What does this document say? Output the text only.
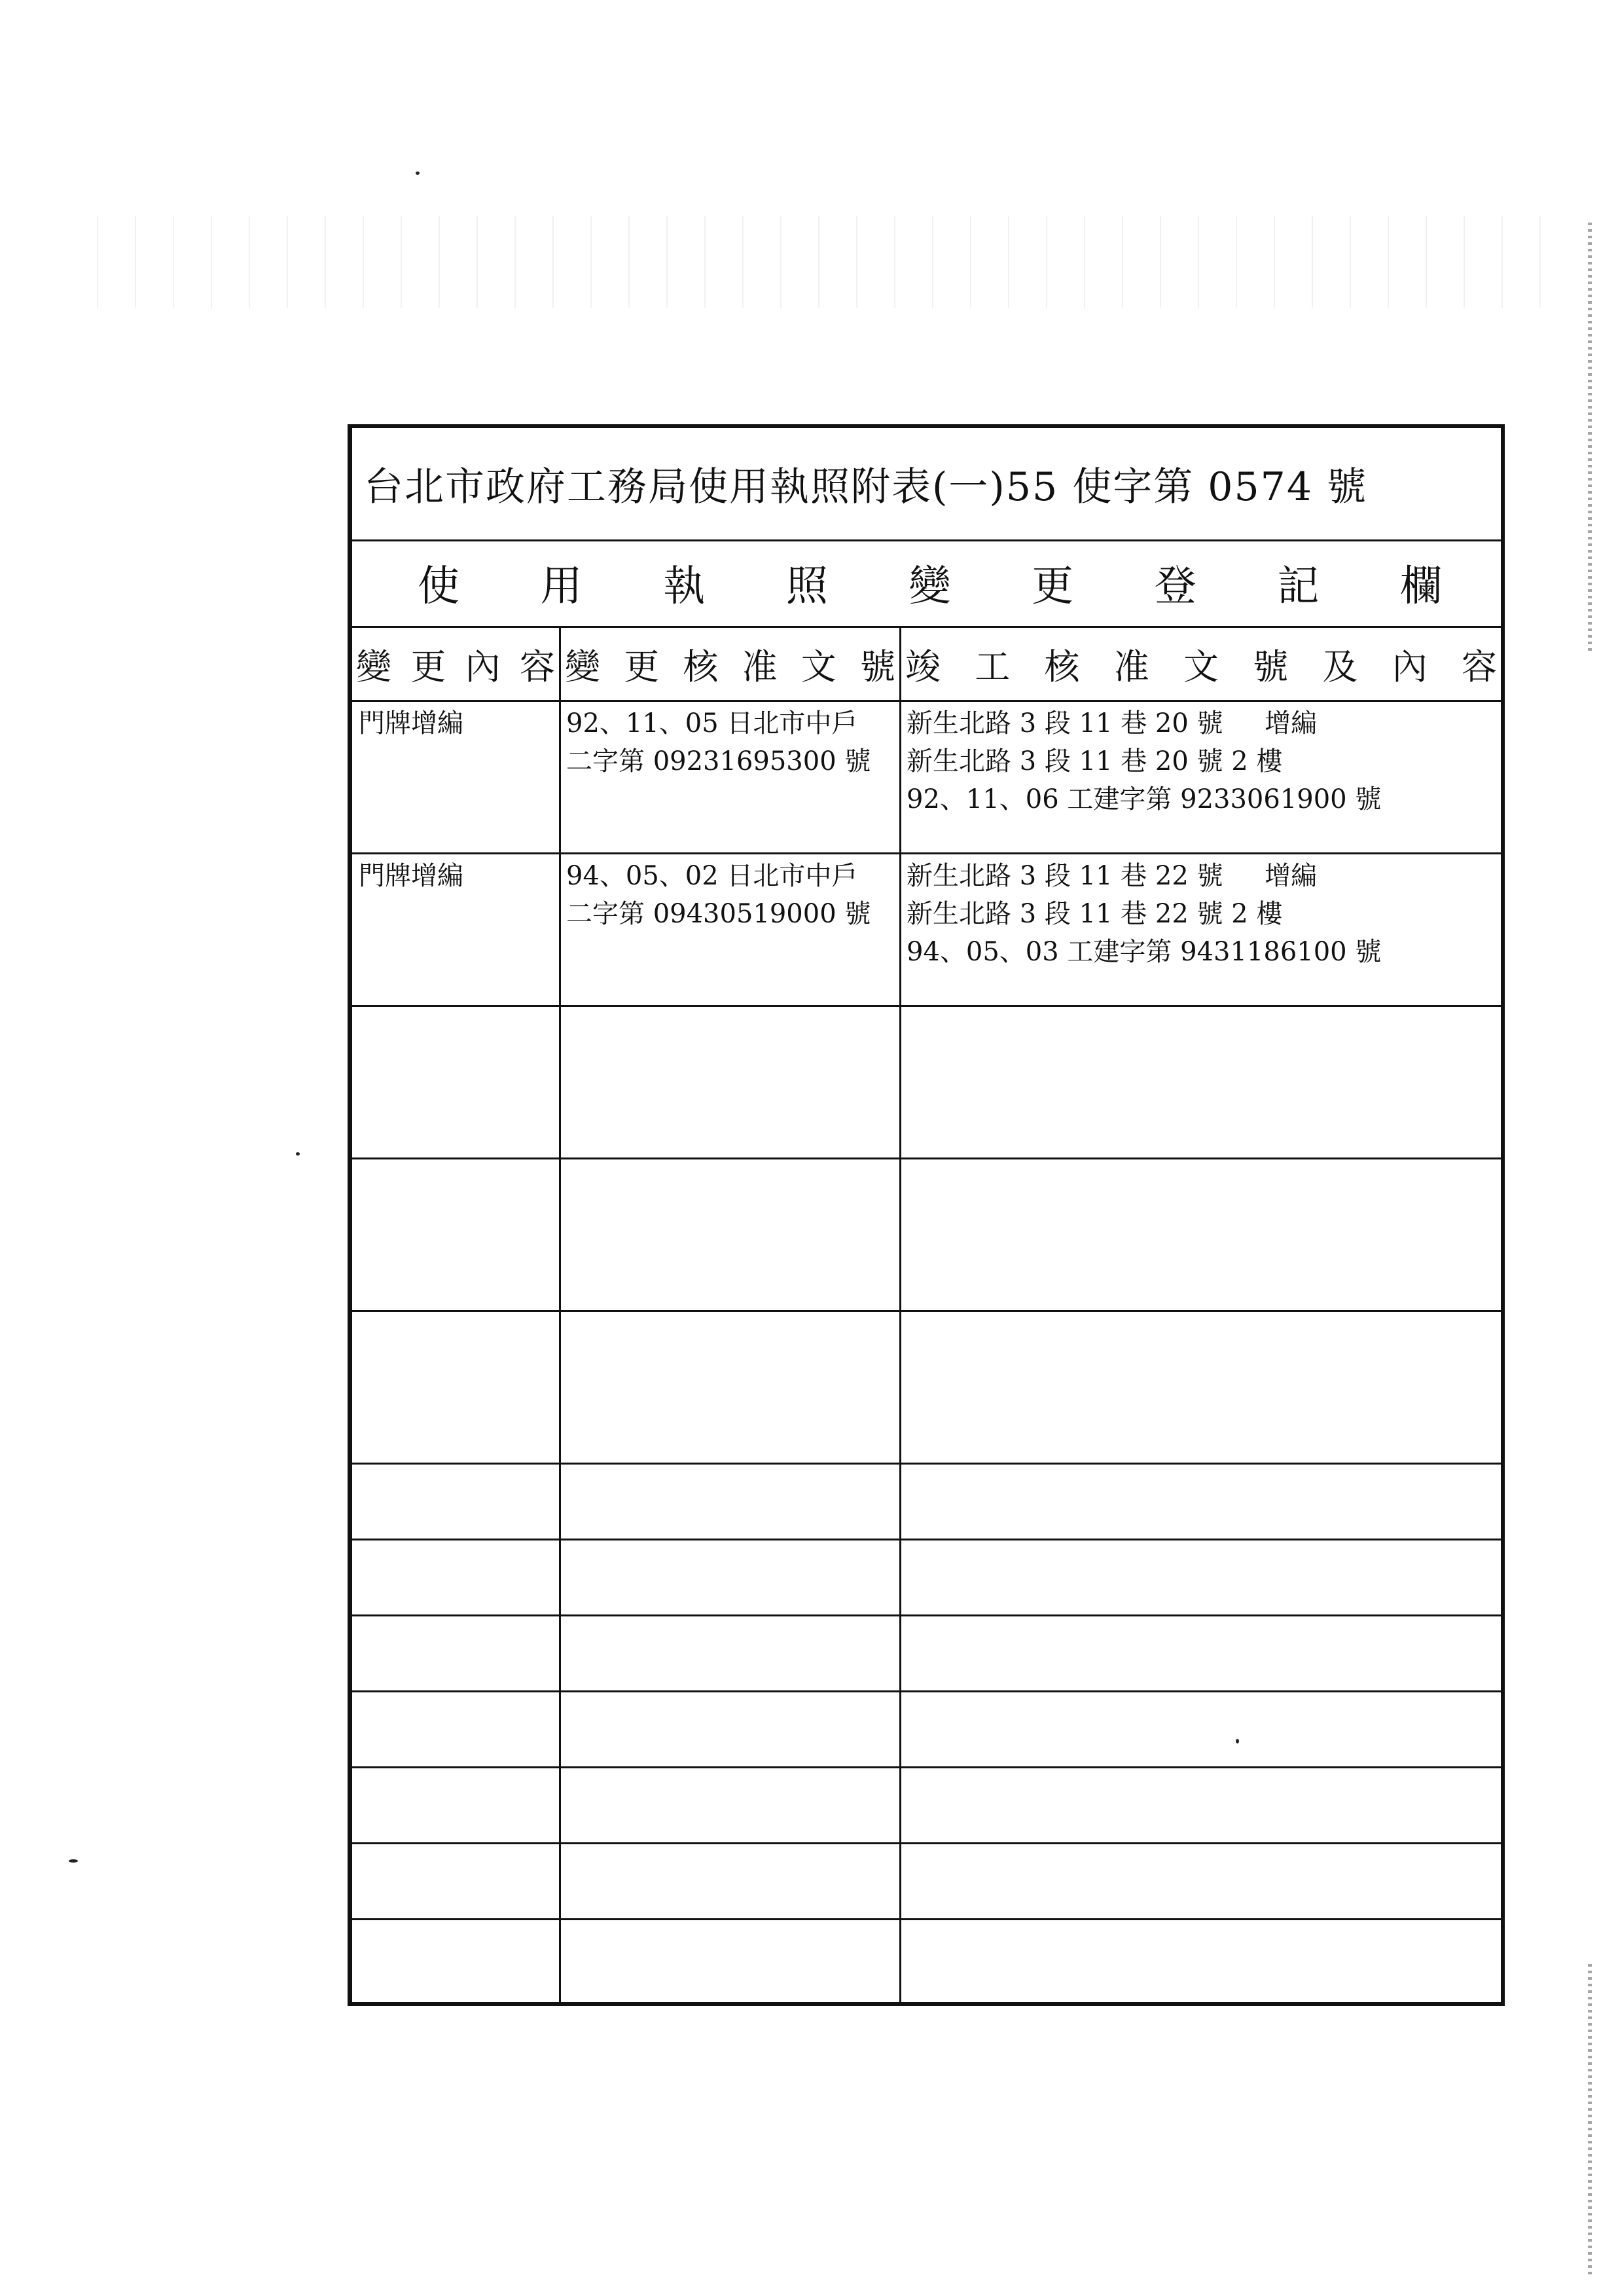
台北市政府工務局使用執照附表(一)55 使字第 0574 號
使 用 執 照 變 更 登 記 欄
變 更 內 容 變 更 核 准 文 號 竣 工 核 准 文 號 及 內 容
門牌增編	92、11、05 日北市中戶
二字第 09231695300 號
新生北路 3 段 11 巷 20 號     增編
新生北路 3 段 11 巷 20 號 2 樓
92、11、06 工建字第 9233061900 號
門牌增編	94、05、02 日北市中戶
二字第 09430519000 號
新生北路 3 段 11 巷 22 號     增編
新生北路 3 段 11 巷 22 號 2 樓
94、05、03 工建字第 9431186100 號
